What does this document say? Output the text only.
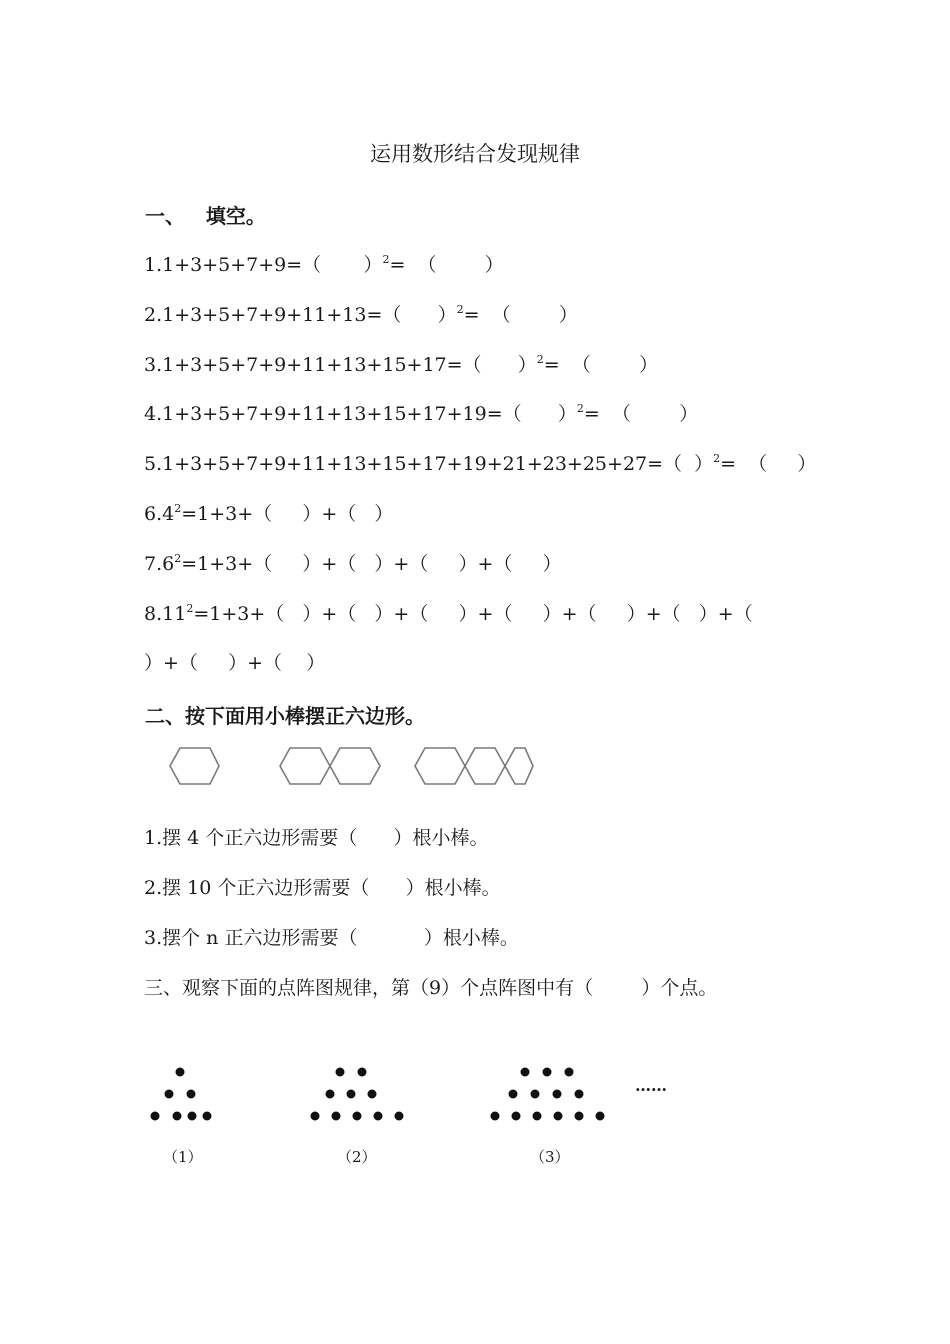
运用数形结合发现规律
一、   填空。
1.1+3+5+7+9=（       ）$^2$=  （        ）
2.1+3+5+7+9+11+13=（      ）$^2$=  （        ）
3.1+3+5+7+9+11+13+15+17=（      ）$^2$=  （        ）
4.1+3+5+7+9+11+13+15+17+19=（      ）$^2$=  （        ）
5.1+3+5+7+9+11+13+15+17+19+21+23+25+27=（  ）$^2$=  （     ）
$6.4^2=1+3+$（     ）+（   ）
$7.6^2=1+3+$（     ）+（   ）+（     ）+（     ）
$8.11^2=1+3+$（   ）+（   ）+（     ）+（     ）+（     ）+（   ）+（
）+（     ）+（    ）
二、按下面用小棒摆正六边形。
1.摆 4 个正六边形需要（      ）根小棒。
2.摆 10 个正六边形需要（      ）根小棒。
3.摆个 n 正六边形需要（           ）根小棒。
三、观察下面的点阵图规律，第（9）个点阵图中有（        ）个点。
……
（1）	（2）	（3）
